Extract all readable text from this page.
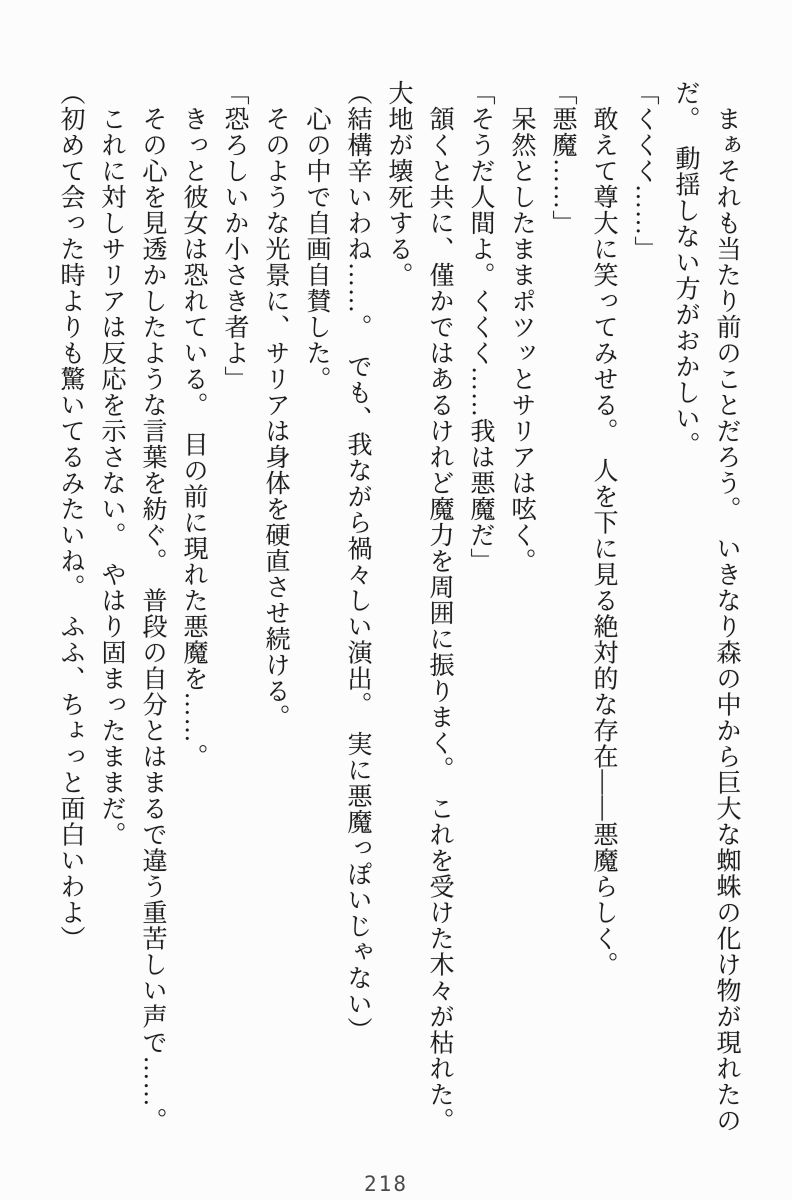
　まぁそれも当たり前のことだろう。　いきなり森の中から巨大な蜘蛛の化け物が現れたの

だ。　動揺しない方がおかしい。

「くくく……」

　敢えて尊大に笑ってみせる。　人を下に見る絶対的な存在――悪魔らしく。

「悪魔……」

　呆然としたままポツッとサリアは呟く。

「そうだ人間よ。くくく……我は悪魔だ」

　頷くと共に、僅かではあるけれど魔力を周囲に振りまく。　これを受けた木々が枯れた。

大地が壊死する。

（結構辛いわね……。　でも、我ながら禍々しい演出。　実に悪魔っぽいじゃない）

　心の中で自画自賛した。

　そのような光景に、サリアは身体を硬直させ続ける。

「恐ろしいか小さき者よ」

　きっと彼女は恐れている。　目の前に現れた悪魔を……。

　その心を見透かしたような言葉を紡ぐ。　普段の自分とはまるで違う重苦しい声で……。

　これに対しサリアは反応を示さない。　やはり固まったままだ。

（初めて会った時よりも驚いてるみたいね。　ふふ、ちょっと面白いわよ）

218
